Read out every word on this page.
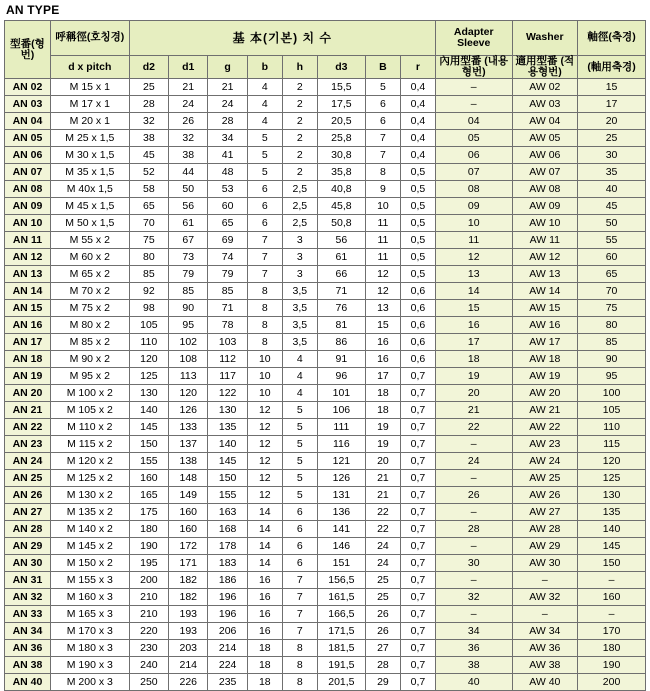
AN TYPE
型番(형번)	呼稱徑(호칭경)	基 本(기본) 치 수								Adapter Sleeve	Washer	軸徑(축경)
	d x pitch	d2	d1	g	b	h	d3	B	r	內用型番 (내용형번)	適用型番 (적용형번)	(軸用축경)
AN 02	M 15 x 1	25	21	21	4	2	15,5	5	0,4	–	AW 02	15
AN 03	M 17 x 1	28	24	24	4	2	17,5	6	0,4	–	AW 03	17
AN 04	M 20 x 1	32	26	28	4	2	20,5	6	0,4	04	AW 04	20
AN 05	M 25 x 1,5	38	32	34	5	2	25,8	7	0,4	05	AW 05	25
AN 06	M 30 x 1,5	45	38	41	5	2	30,8	7	0,4	06	AW 06	30
AN 07	M 35 x 1,5	52	44	48	5	2	35,8	8	0,5	07	AW 07	35
AN 08	M 40x 1,5	58	50	53	6	2,5	40,8	9	0,5	08	AW 08	40
AN 09	M 45 x 1,5	65	56	60	6	2,5	45,8	10	0,5	09	AW 09	45
AN 10	M 50 x 1,5	70	61	65	6	2,5	50,8	11	0,5	10	AW 10	50
AN 11	M 55 x 2	75	67	69	7	3	56	11	0,5	11	AW 11	55
AN 12	M 60 x 2	80	73	74	7	3	61	11	0,5	12	AW 12	60
AN 13	M 65 x 2	85	79	79	7	3	66	12	0,5	13	AW 13	65
AN 14	M 70 x 2	92	85	85	8	3,5	71	12	0,6	14	AW 14	70
AN 15	M 75 x 2	98	90	71	8	3,5	76	13	0,6	15	AW 15	75
AN 16	M 80 x 2	105	95	78	8	3,5	81	15	0,6	16	AW 16	80
AN 17	M 85 x 2	110	102	103	8	3,5	86	16	0,6	17	AW 17	85
AN 18	M 90 x 2	120	108	112	10	4	91	16	0,6	18	AW 18	90
AN 19	M 95 x 2	125	113	117	10	4	96	17	0,7	19	AW 19	95
AN 20	M 100 x 2	130	120	122	10	4	101	18	0,7	20	AW 20	100
AN 21	M 105 x 2	140	126	130	12	5	106	18	0,7	21	AW 21	105
AN 22	M 110 x 2	145	133	135	12	5	111	19	0,7	22	AW 22	110
AN 23	M 115 x 2	150	137	140	12	5	116	19	0,7	–	AW 23	115
AN 24	M 120 x 2	155	138	145	12	5	121	20	0,7	24	AW 24	120
AN 25	M 125 x 2	160	148	150	12	5	126	21	0,7	–	AW 25	125
AN 26	M 130 x 2	165	149	155	12	5	131	21	0,7	26	AW 26	130
AN 27	M 135 x 2	175	160	163	14	6	136	22	0,7	–	AW 27	135
AN 28	M 140 x 2	180	160	168	14	6	141	22	0,7	28	AW 28	140
AN 29	M 145 x 2	190	172	178	14	6	146	24	0,7	–	AW 29	145
AN 30	M 150 x 2	195	171	183	14	6	151	24	0,7	30	AW 30	150
AN 31	M 155 x 3	200	182	186	16	7	156,5	25	0,7	–	–	–
AN 32	M 160 x 3	210	182	196	16	7	161,5	25	0,7	32	AW 32	160
AN 33	M 165 x 3	210	193	196	16	7	166,5	26	0,7	–	–	–
AN 34	M 170 x 3	220	193	206	16	7	171,5	26	0,7	34	AW 34	170
AN 36	M 180 x 3	230	203	214	18	8	181,5	27	0,7	36	AW 36	180
AN 38	M 190 x 3	240	214	224	18	8	191,5	28	0,7	38	AW 38	190
AN 40	M 200 x 3	250	226	235	18	8	201,5	29	0,7	40	AW 40	200
